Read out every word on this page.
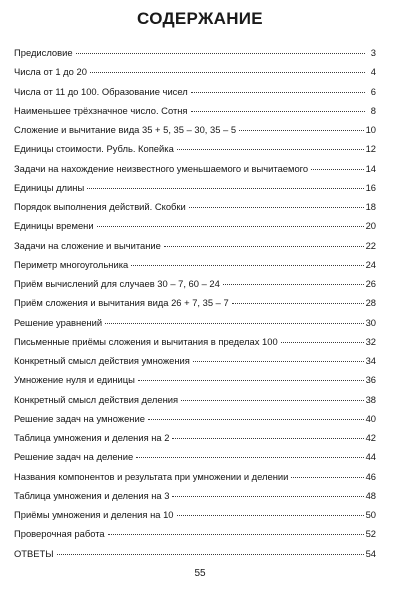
СОДЕРЖАНИЕ
Предисловие	3
Числа от 1 до 20	4
Числа от 11 до 100. Образование чисел	6
Наименьшее трёхзначное число. Сотня	8
Сложение и вычитание вида 35 + 5, 35 – 30, 35 – 5	10
Единицы стоимости. Рубль. Копейка	12
Задачи на нахождение неизвестного уменьшаемого и вычитаемого	14
Единицы длины	16
Порядок выполнения действий. Скобки	18
Единицы времени	20
Задачи на сложение и вычитание	22
Периметр многоугольника	24
Приём вычислений для случаев 30 – 7, 60 – 24	26
Приём сложения и вычитания вида 26 + 7, 35 – 7	28
Решение уравнений	30
Письменные приёмы сложения и вычитания в пределах 100	32
Конкретный смысл действия умножения	34
Умножение нуля и единицы	36
Конкретный смысл действия деления	38
Решение задач на умножение	40
Таблица умножения и деления на 2	42
Решение задач на деление	44
Названия компонентов и результата при умножении и делении	46
Таблица умножения и деления на 3	48
Приёмы умножения и деления на 10	50
Проверочная работа	52
ОТВЕТЫ	54
55
